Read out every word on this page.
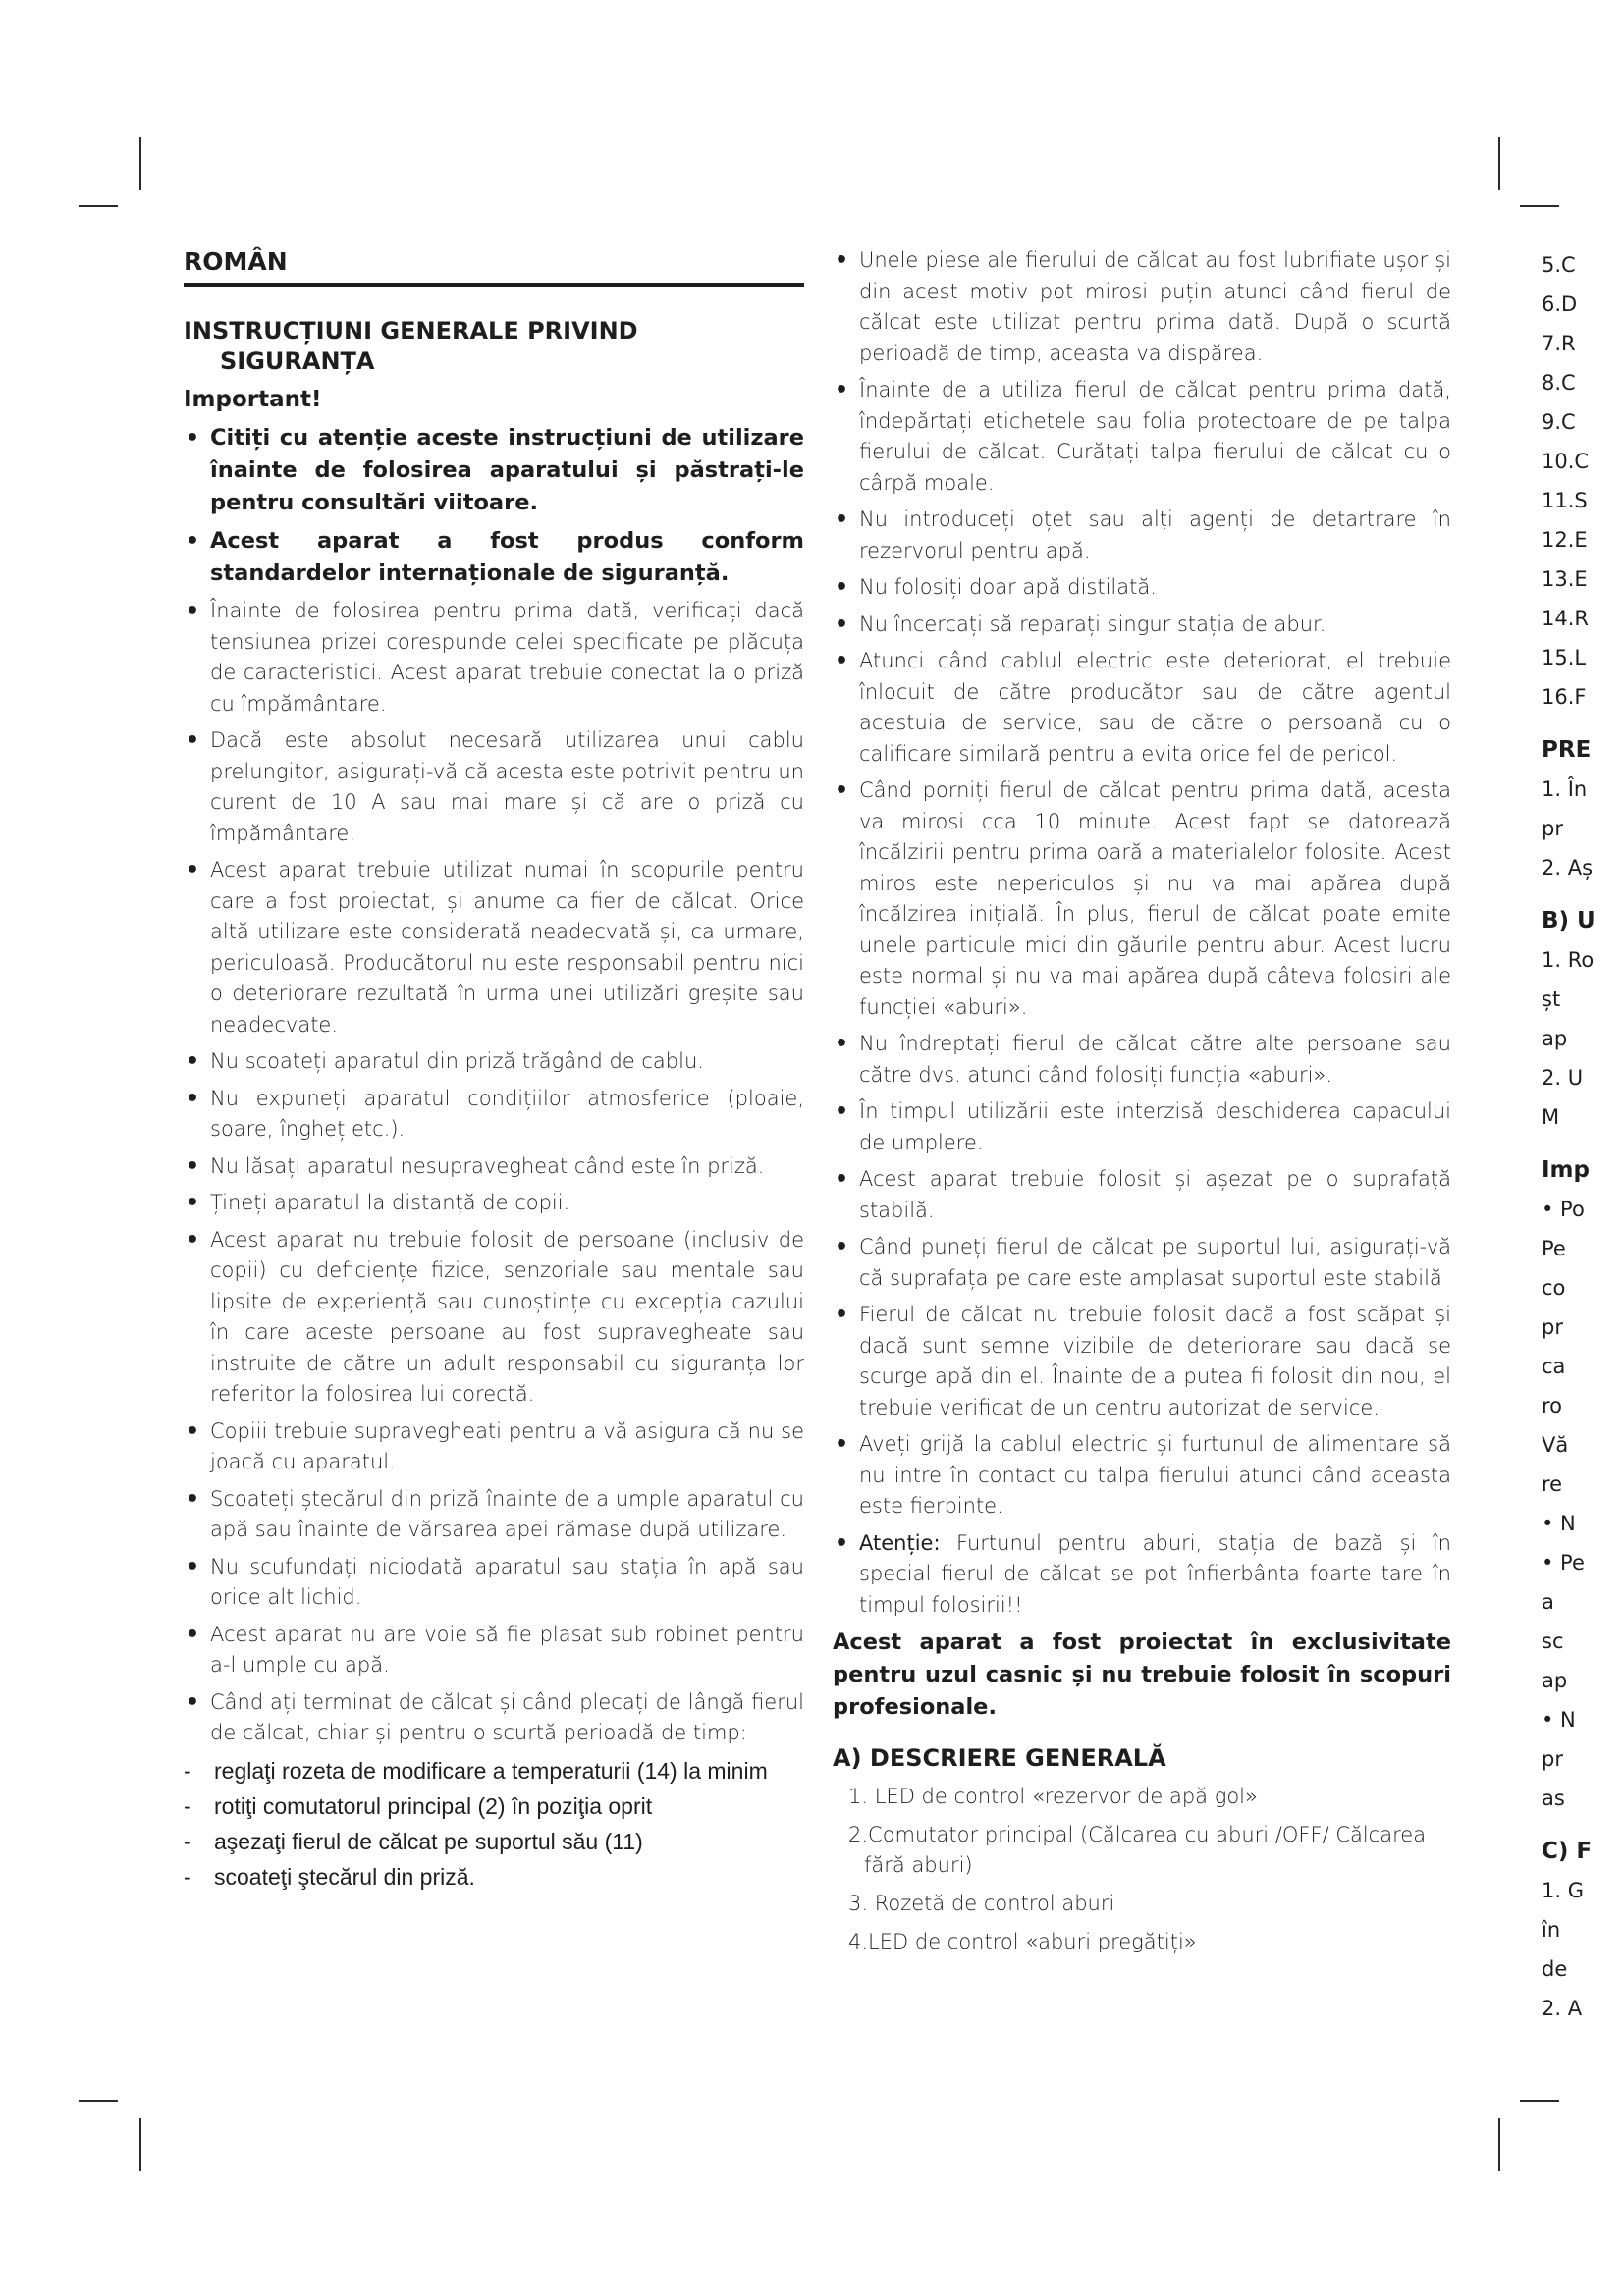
ROMÂN
INSTRUCȚIUNI GENERALE PRIVIND
SIGURANȚA

Important!

• Citiți cu atenție aceste instrucțiuni de utilizare înainte de folosirea aparatului și păstrați-le pentru consultări viitoare.
• Acest aparat a fost produs conform standardelor internaționale de siguranță.
• Înainte de folosirea pentru prima dată, verificați dacă tensiunea prizei corespunde celei specificate pe plăcuța de caracteristici. Acest aparat trebuie conectat la o priză cu împământare.
• Dacă este absolut necesară utilizarea unui cablu prelungitor, asigurați-vă că acesta este potrivit pentru un curent de 10 A sau mai mare și că are o priză cu împământare.
• Acest aparat trebuie utilizat numai în scopurile pentru care a fost proiectat, și anume ca fier de călcat. Orice altă utilizare este considerată neadecvată și, ca urmare, periculoasă. Producătorul nu este responsabil pentru nici o deteriorare rezultată în urma unei utilizări greșite sau neadecvate.
• Nu scoateți aparatul din priză trăgând de cablu.
• Nu expuneți aparatul condițiilor atmosferice (ploaie, soare, îngheț etc.).
• Nu lăsați aparatul nesupravegheat când este în priză.
• Țineți aparatul la distanță de copii.
• Acest aparat nu trebuie folosit de persoane (inclusiv de copii) cu deficiențe fizice, senzoriale sau mentale sau lipsite de experiență sau cunoștințe cu excepția cazului în care aceste persoane au fost supravegheate sau instruite de către un adult responsabil cu siguranța lor referitor la folosirea lui corectă.
• Copiii trebuie supravegheati pentru a vă asigura că nu se joacă cu aparatul.
• Scoateți ștecărul din priză înainte de a umple aparatul cu apă sau înainte de vărsarea apei rămase după utilizare.
• Nu scufundați niciodată aparatul sau stația în apă sau orice alt lichid.
• Acest aparat nu are voie să fie plasat sub robinet pentru a-l umple cu apă.
• Când ați terminat de călcat și când plecați de lângă fierul de călcat, chiar și pentru o scurtă perioadă de timp:
- reglaţi rozeta de modificare a temperaturii (14) la minim
- rotiţi comutatorul principal (2) în poziţia oprit
- aşezaţi fierul de călcat pe suportul său (11)
- scoateţi ştecărul din priză.
• Unele piese ale fierului de călcat au fost lubrifiate ușor și din acest motiv pot mirosi puțin atunci când fierul de călcat este utilizat pentru prima dată. După o scurtă perioadă de timp, aceasta va dispărea.
• Înainte de a utiliza fierul de călcat pentru prima dată, îndepărtați etichetele sau folia protectoare de pe talpa fierului de călcat. Curățați talpa fierului de călcat cu o cârpă moale.
• Nu introduceți oțet sau alți agenți de detartrare în rezervorul pentru apă.
• Nu folosiți doar apă distilată.
• Nu încercați să reparați singur stația de abur.
• Atunci când cablul electric este deteriorat, el trebuie înlocuit de către producător sau de către agentul acestuia de service, sau de către o persoană cu o calificare similară pentru a evita orice fel de pericol.
• Când porniți fierul de călcat pentru prima dată, acesta va mirosi cca 10 minute. Acest fapt se datorează încălzirii pentru prima oară a materialelor folosite. Acest miros este nepericulos și nu va mai apărea după încălzirea inițială. În plus, fierul de călcat poate emite unele particule mici din găurile pentru abur. Acest lucru este normal și nu va mai apărea după câteva folosiri ale funcției «aburi».
• Nu îndreptați fierul de călcat către alte persoane sau către dvs. atunci când folosiți funcția «aburi».
• În timpul utilizării este interzisă deschiderea capacului de umplere.
• Acest aparat trebuie folosit și așezat pe o suprafață stabilă.
• Când puneți fierul de călcat pe suportul lui, asigurați-vă că suprafața pe care este amplasat suportul este stabilă
• Fierul de călcat nu trebuie folosit dacă a fost scăpat și dacă sunt semne vizibile de deteriorare sau dacă se scurge apă din el. Înainte de a putea fi folosit din nou, el trebuie verificat de un centru autorizat de service.
• Aveți grijă la cablul electric și furtunul de alimentare să nu intre în contact cu talpa fierului atunci când aceasta este fierbinte.
• Atenție: Furtunul pentru aburi, stația de bază și în special fierul de călcat se pot înfierbânta foarte tare în timpul folosirii!!

Acest aparat a fost proiectat în exclusivitate pentru uzul casnic și nu trebuie folosit în scopuri profesionale.

A) DESCRIERE GENERALĂ
1. LED de control «rezervor de apă gol»
2.Comutator principal (Călcarea cu aburi /OFF/ Călcarea
fără aburi)
3. Rozetă de control aburi
4.LED de control «aburi pregătiți»
5.C
6.D
7.R
8.C
9.C
10.C
11.S
12.E
13.E
14.R
15.L
16.F
PRE
1. În
pr
2. Aș
B) U
1. Ro
șt
ap
2. U
M
Imp
• Po
Pe
co
pr
ca
ro
Vă
re
• N
• Pe
a
sc
ap
• N
pr
as
C) F
1. G
în
de
2. A
